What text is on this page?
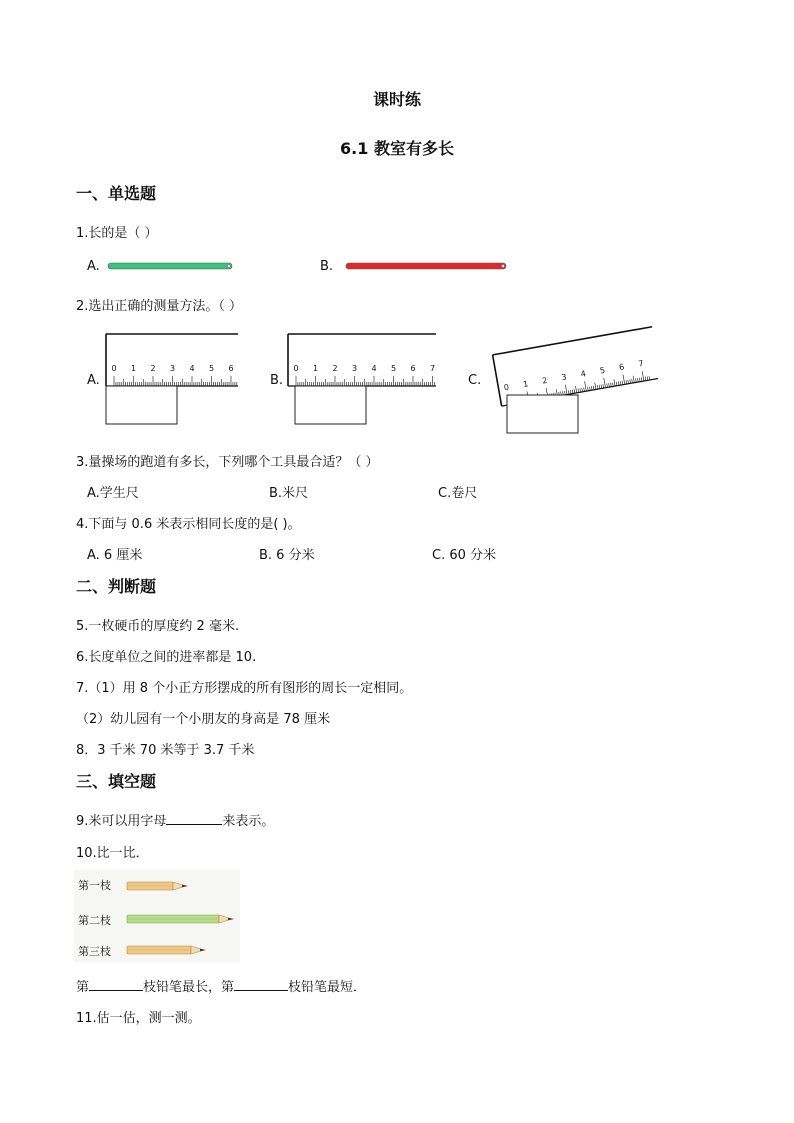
课时练
6.1 教室有多长
一、单选题
1.长的是（ ）
A.	B.
2.选出正确的测量方法。（ ）
A.
0 1 2 3 4 5 6
B.
0 1 2 3 4 5 6 7
C.	0 1 2 3 4 5 6 7
3.量操场的跑道有多长，下列哪个工具最合适？（ ）
A.学生尺	B.米尺	C.卷尺
4.下面与 0.6 米表示相同长度的是( )。
A. 6 厘米	B. 6 分米	C. 60 分米
二、判断题
5.一枚硬币的厚度约 2 毫米.
6.长度单位之间的进率都是 10.
7.（1）用 8 个小正方形摆成的所有图形的周长一定相同。
（2）幼儿园有一个小朋友的身高是 78 厘米
8．3 千米 70 米等于 3.7 千米
三、填空题
9.米可以用字母	来表示。
10.比一比．
第一枝
第二枝
第三枝
第	枝铅笔最长，第	枝铅笔最短．
11.估一估，测一测。
